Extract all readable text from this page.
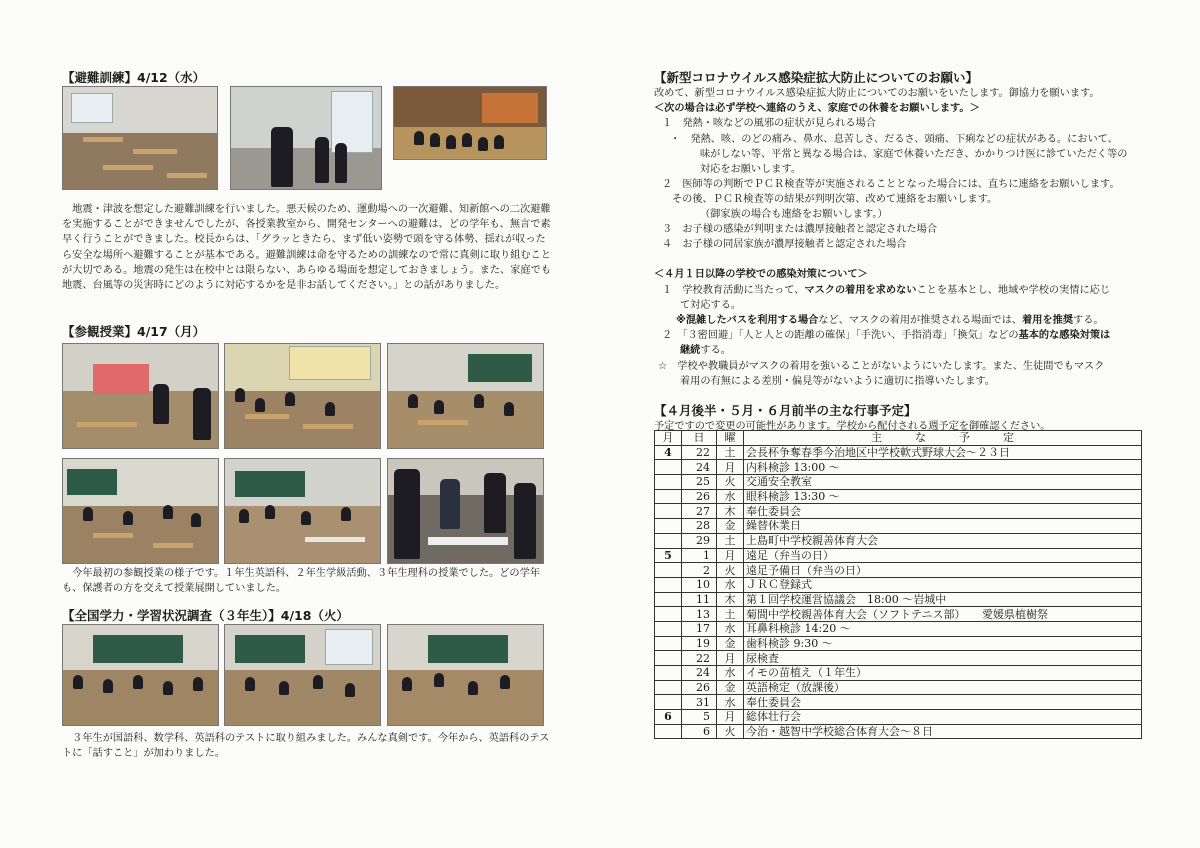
【避難訓練】4/12（水）
　地震・津波を想定した避難訓練を行いました。悪天候のため、運動場への一次避難、知新館への二次避難を実施することができませんでしたが、各授業教室から、開発センターへの避難は、どの学年も、無言で素早く行うことができました。校長からは、「グラッときたら、まず低い姿勢で頭を守る体勢、揺れが収ったら安全な場所へ避難することが基本である。避難訓練は命を守るための訓練なので常に真剣に取り組むことが大切である。地震の発生は在校中とは限らない、あらゆる場面を想定しておきましょう。また、家庭でも地震、台風等の災害時にどのように対応するかを是非お話してください。」との話がありました。
【参観授業】4/17（月）
　今年最初の参観授業の様子です。１年生英語科、２年生学級活動、３年生理科の授業でした。どの学年も、保護者の方を交えて授業展開していました。
【全国学力・学習状況調査（３年生）】4/18（火）
　３年生が国語科、数学科、英語科のテストに取り組みました。みんな真剣です。今年から、英語科のテストに「話すこと」が加わりました。
【新型コロナウイルス感染症拡大防止についてのお願い】
改めて、新型コロナウイルス感染症拡大防止についてのお願いをいたします。御協力を願います。
＜次の場合は必ず学校へ連絡のうえ、家庭での休養をお願いします。＞
１　発熱・咳などの風邪の症状が見られる場合
・　発熱、咳、のどの痛み、鼻水、息苦しさ、だるさ、頭痛、下痢などの症状がある。において、
味がしない等、平常と異なる場合は、家庭で休養いただき、かかりつけ医に診ていただく等の
対応をお願いします。
２　医師等の判断でＰＣＲ検査等が実施されることとなった場合には、直ちに連絡をお願いします。
その後、ＰＣＲ検査等の結果が判明次第、改めて連絡をお願いします。
（御家族の場合も連絡をお願いします。）
３　お子様の感染が判明または濃厚接触者と認定された場合
４　お子様の同居家族が濃厚接触者と認定された場合
＜４月１日以降の学校での感染対策について＞
１　学校教育活動に当たって、マスクの着用を求めないことを基本とし、地域や学校の実情に応じ
て対応する。
※混雑したバスを利用する場合など、マスクの着用が推奨される場面では、着用を推奨する。
２　「３密回避」「人と人との距離の確保」「手洗い、手指消毒」「換気」などの基本的な感染対策は
継続する。
☆　学校や教職員がマスクの着用を強いることがないようにいたします。また、生徒間でもマスク
着用の有無による差別・偏見等がないように適切に指導いたします。
【４月後半・５月・６月前半の主な行事予定】
予定ですので変更の可能性があります。学校から配付される週予定を御確認ください。
月	日	曜	主　　　な　　　予　　　定
4	22	土	会長杯争奪春季今治地区中学校軟式野球大会～２３日
	24	月	内科検診 13:00 ～
	25	火	交通安全教室
	26	水	眼科検診 13:30 ～
	27	木	奉仕委員会
	28	金	繰替休業日
	29	土	上島町中学校親善体育大会
5	1	月	遠足（弁当の日）
	2	火	遠足予備日（弁当の日）
	10	水	ＪＲＣ登録式
	11	木	第１回学校運営協議会　18:00 ～岩城中
	13	土	菊間中学校親善体育大会（ソフトテニス部）　　愛媛県植樹祭
	17	水	耳鼻科検診 14:20 ～
	19	金	歯科検診 9:30 ～
	22	月	尿検査
	24	水	イモの苗植え（１年生）
	26	金	英語検定（放課後）
	31	水	奉仕委員会
6	5	月	総体壮行会
	6	火	今治・越智中学校総合体育大会～８日
